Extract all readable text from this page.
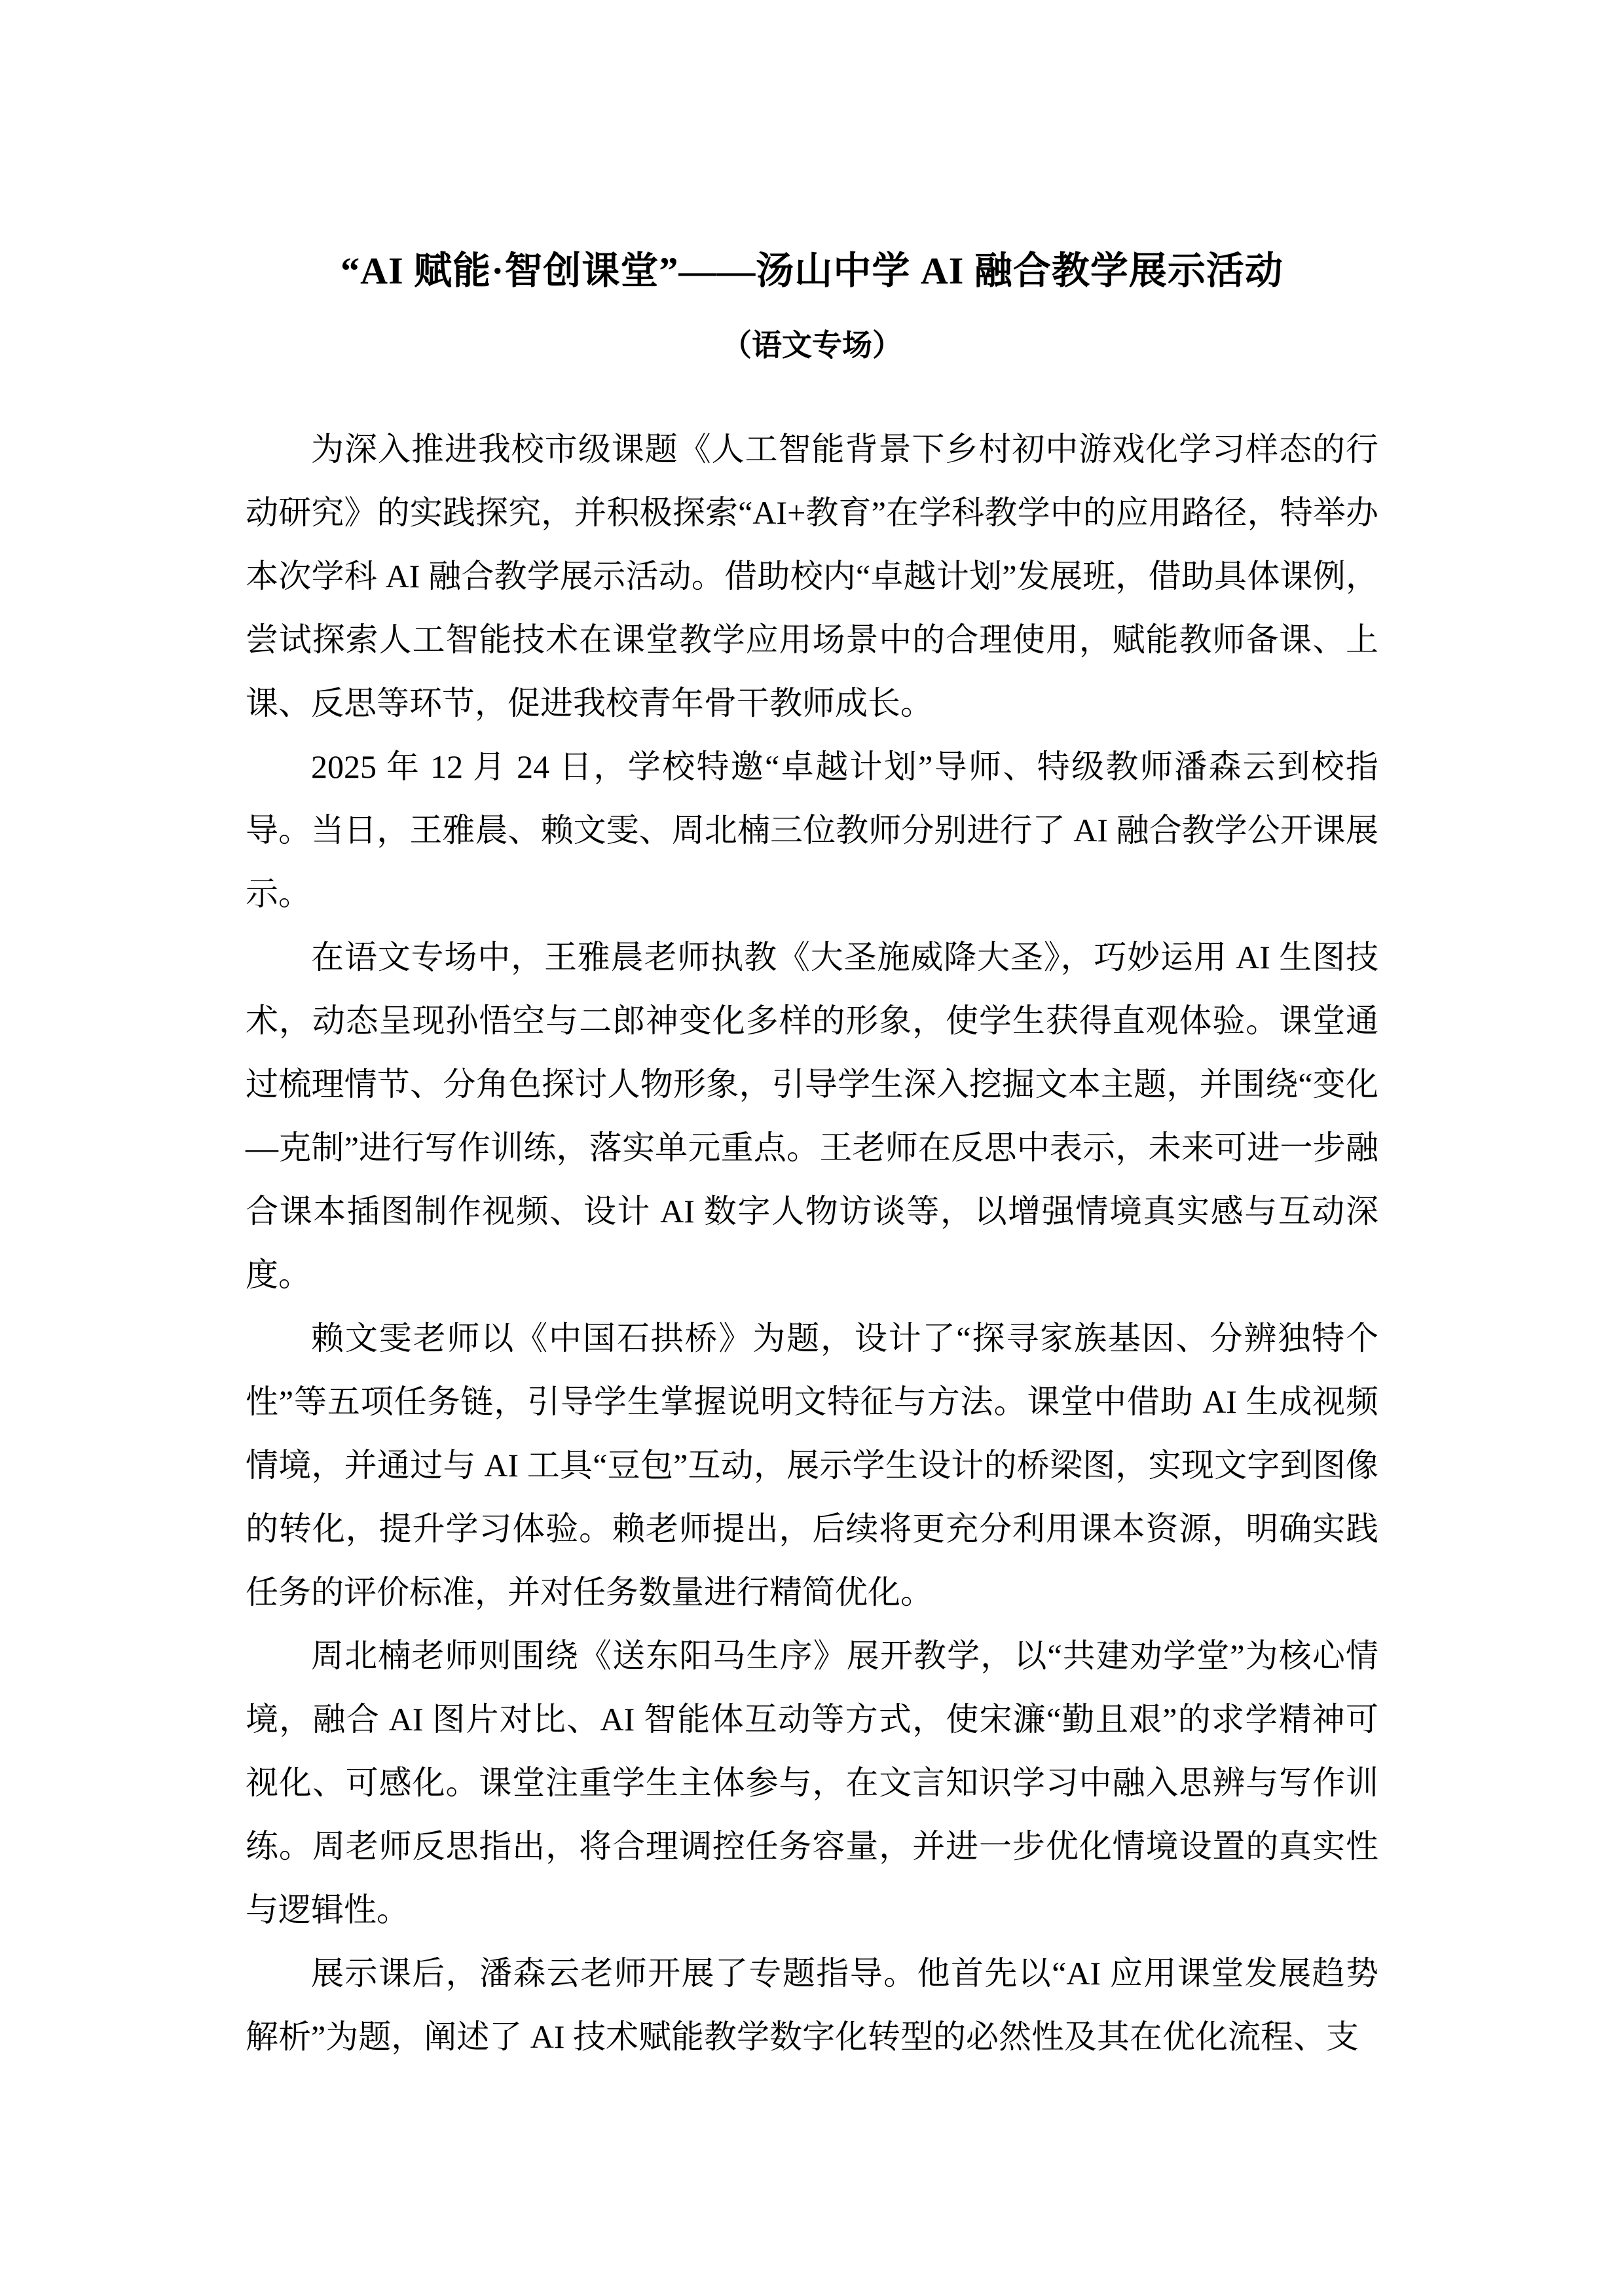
“AI 赋能·智创课堂”——汤山中学 AI 融合教学展示活动
（语文专场）

为深入推进我校市级课题《人工智能背景下乡村初中游戏化学习样态的行动研究》的实践探究，并积极探索“AI+教育”在学科教学中的应用路径，特举办本次学科 AI 融合教学展示活动。借助校内“卓越计划”发展班，借助具体课例，尝试探索人工智能技术在课堂教学应用场景中的合理使用，赋能教师备课、上课、反思等环节，促进我校青年骨干教师成长。

2025 年 12 月 24 日，学校特邀“卓越计划”导师、特级教师潘森云到校指导。当日，王雅晨、赖文雯、周北楠三位教师分别进行了 AI 融合教学公开课展示。

在语文专场中，王雅晨老师执教《大圣施威降大圣》，巧妙运用 AI 生图技术，动态呈现孙悟空与二郎神变化多样的形象，使学生获得直观体验。课堂通过梳理情节、分角色探讨人物形象，引导学生深入挖掘文本主题，并围绕“变化—克制”进行写作训练，落实单元重点。王老师在反思中表示，未来可进一步融合课本插图制作视频、设计 AI 数字人物访谈等，以增强情境真实感与互动深度。

赖文雯老师以《中国石拱桥》为题，设计了“探寻家族基因、分辨独特个性”等五项任务链，引导学生掌握说明文特征与方法。课堂中借助 AI 生成视频情境，并通过与 AI 工具“豆包”互动，展示学生设计的桥梁图，实现文字到图像的转化，提升学习体验。赖老师提出，后续将更充分利用课本资源，明确实践任务的评价标准，并对任务数量进行精简优化。

周北楠老师则围绕《送东阳马生序》展开教学，以“共建劝学堂”为核心情境，融合 AI 图片对比、AI 智能体互动等方式，使宋濂“勤且艰”的求学精神可视化、可感化。课堂注重学生主体参与，在文言知识学习中融入思辨与写作训练。周老师反思指出，将合理调控任务容量，并进一步优化情境设置的真实性与逻辑性。

展示课后，潘森云老师开展了专题指导。他首先以“AI 应用课堂发展趋势解析”为题，阐述了 AI 技术赋能教学数字化转型的必然性及其在优化流程、支
